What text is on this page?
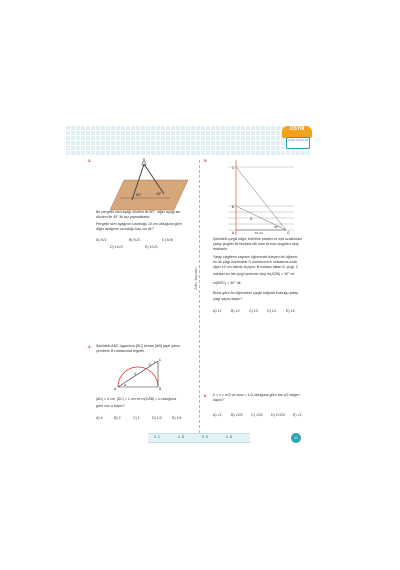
ÖSYM
TARZI SORULAR
Zafer Yayınları
3.
60°	45°
Bir pergelin sivri ayağı düzlem ile 60°, diğer ayağı ise
düzlem ile 45° lik açı yapmaktadır.
Pergelin sivri ayağının uzunluğu 10 cm olduğuna göre
diğer ayağının uzunluğu kaç cm dir?
A) 5√2	B) 5√3	C) 5√6
D) 10√2	E) 10√3
4. Şekildeki ABC üçgeninin [BC] kenarı [AB] çaplı yarım
çembere B noktasında teğettir.
A	B
C
D
4
1
α
|AD| = 4 cm, |DC| = 1 cm ve m(CÂB) = α olduğuna
göre cos α kaçtır?
A) 4	B) 2	C) 1	D) 1/2	E) 1/4
5.
C
B
A
D
O
30°
10 cm
Şekildeki çizgili kâğıt, birbirine paralel ve eşit uzaklıktaki
yatay çizgiler ile bunlara dik olan kırmızı çizgiden oluş-
maktadır.
Yatay çizgilerin sayısını öğrenmek isteyen bir öğrenci
en alt çizgi üzerindeki O noktasının A noktasına uzak-
lığını 10 cm olarak ölçüyor. B noktası alttan 5. çizgi, C
noktası en üst çizgi üzerinde olup m(AÔB) = 30° ve
m(BÔC) = 30° dir.
Buna göre bu öğrencinin çizgili kâğıdta bulduğu yatay
çizgi sayısı kaçtır?
A) 11	B) 12	C) 13	D) 14	E) 15
6. 0 < x < π/2 ve cosx = 1/3 olduğuna göre tan x/2 değeri kaçtır?
A) √2	B) √2/3 C) √2/2 D) 2√2/3 E) √2
3. C	4. B	5. E	6. B	11
